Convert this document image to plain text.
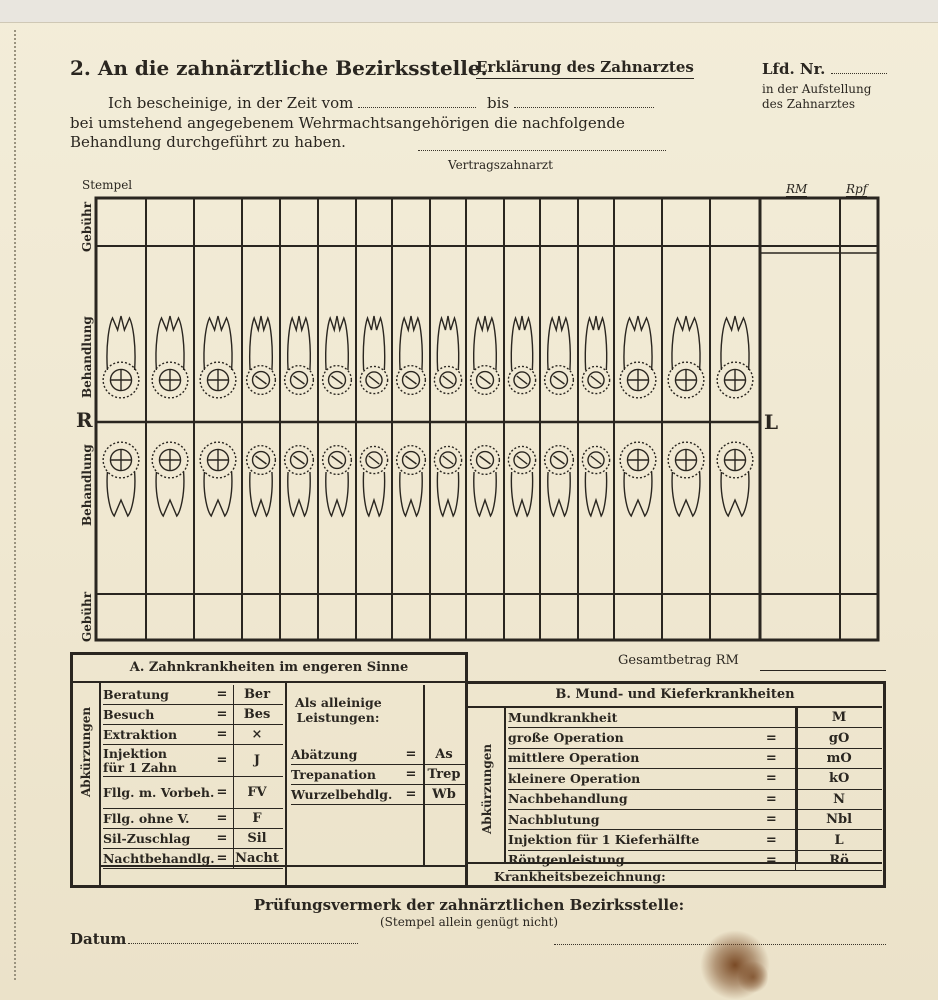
2. An die zahnärztliche Bezirksstelle.
Erklärung des Zahnarztes	Lfd. Nr.
in der Aufstellung
des Zahnarztes
Ich bescheinige, in der Zeit vom	bis
bei umstehend angegebenem Wehrmachtsangehörigen die nachfolgende
Behandlung durchgeführt zu haben.
Vertragszahnarzt
Stempel	RM	Rpf
Gebühr
Behandlung
Behandlung
Gebühr
R	L
Gesamtbetrag RM
A. Zahnkrankheiten im engeren Sinne
Abkürzungen
Beratung	=	Ber
Besuch	=	Bes
Extraktion	=	×
Injektion
für 1 Zahn	=	J
Fllg. m. Vorbeh. =	FV
Fllg. ohne V.	=	F
Sil-Zuschlag	=	Sil
Nachtbehandlg. = Nacht
Als alleinige
Leistungen:
Abätzung	=	As
Trepanation	= Trep
Wurzelbehdlg.	=	Wb
B. Mund- und Kieferkrankheiten
Abkürzungen
Mundkrankheit	M
große Operation	=	gO
mittlere Operation	=	mO
kleinere Operation	=	kO
Nachbehandlung	=	N
Nachblutung	=	Nbl
Injektion für 1 Kieferhälfte	=	L
Röntgenleistung	=	Rö
Krankheitsbezeichnung:
Prüfungsvermerk der zahnärztlichen Bezirksstelle:
(Stempel allein genügt nicht)
Datum
